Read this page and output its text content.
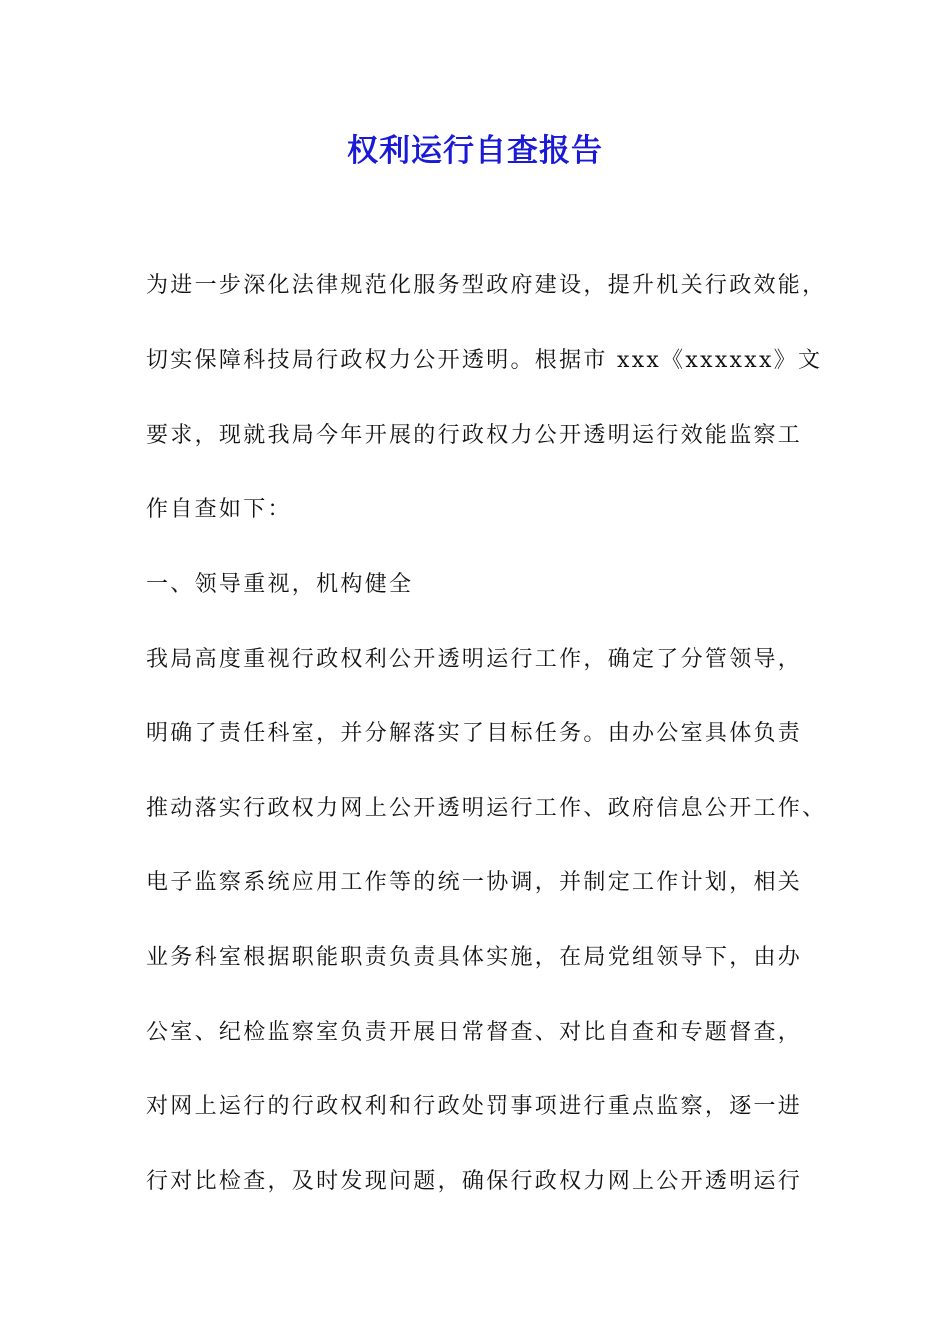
权利运行自查报告
为进一步深化法律规范化服务型政府建设，提升机关行政效能，
切实保障科技局行政权力公开透明。根据市 xxx《xxxxxx》文
要求，现就我局今年开展的行政权力公开透明运行效能监察工
作自查如下：
一、领导重视，机构健全
我局高度重视行政权利公开透明运行工作，确定了分管领导，
明确了责任科室，并分解落实了目标任务。由办公室具体负责
推动落实行政权力网上公开透明运行工作、政府信息公开工作、
电子监察系统应用工作等的统一协调，并制定工作计划，相关
业务科室根据职能职责负责具体实施，在局党组领导下，由办
公室、纪检监察室负责开展日常督查、对比自查和专题督查，
对网上运行的行政权利和行政处罚事项进行重点监察，逐一进
行对比检查，及时发现问题，确保行政权力网上公开透明运行
